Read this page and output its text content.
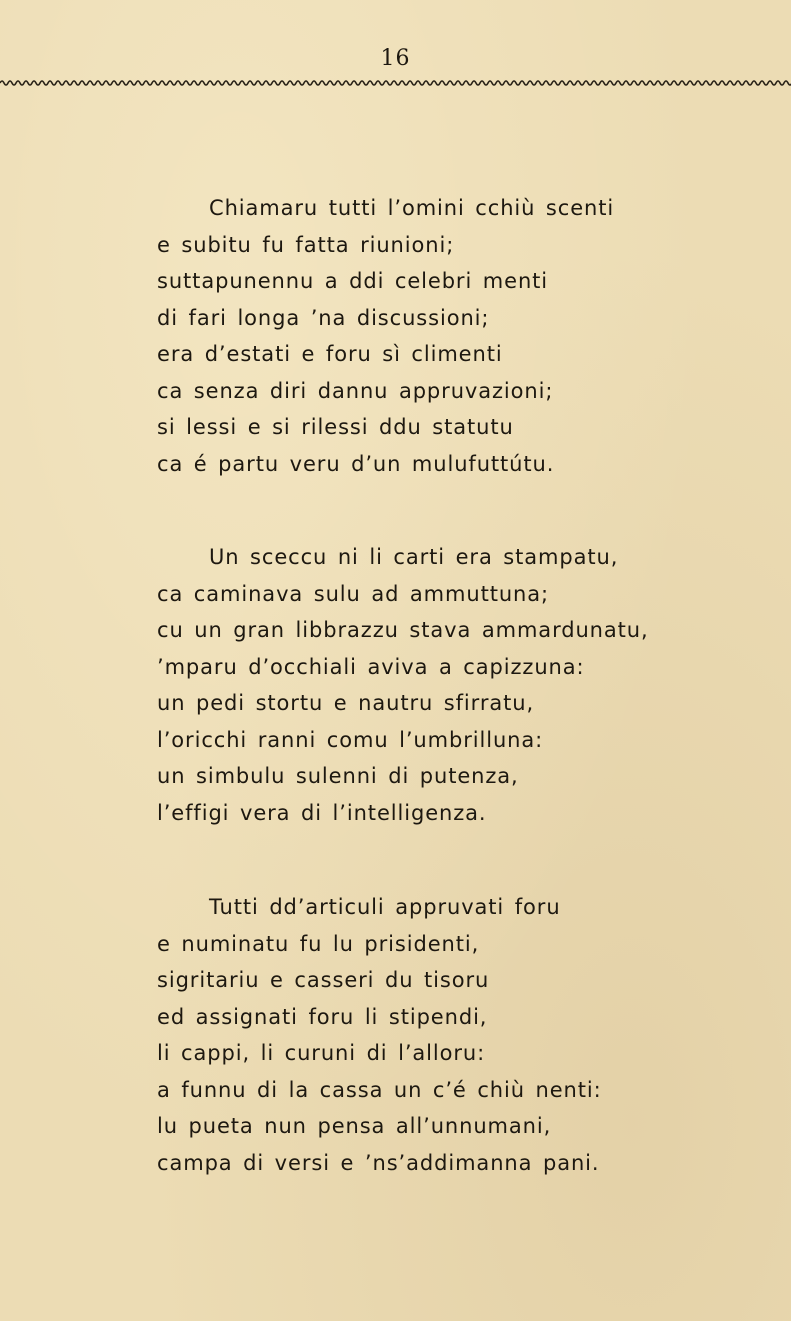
16
Chiamaru tutti l’omini cchiù scenti
e subitu fu fatta riunioni;
suttapunennu a ddi celebri menti
di fari longa ’na discussioni;
era d’estati e foru sì climenti
ca senza diri dannu appruvazioni;
si lessi e si rilessi ddu statutu
ca é partu veru d’un mulufuttútu.
Un sceccu ni li carti era stampatu,
ca caminava sulu ad ammuttuna;
cu un gran libbrazzu stava ammardunatu,
’mparu d’occhiali aviva a capizzuna:
un pedi stortu e nautru sfirratu,
l’oricchi ranni comu l’umbrilluna:
un simbulu sulenni di putenza,
l’effigi vera di l’intelligenza.
Tutti dd’articuli appruvati foru
e numinatu fu lu prisidenti,
sigritariu e casseri du tisoru
ed assignati foru li stipendi,
li cappi, li curuni di l’alloru:
a funnu di la cassa un c’é chiù nenti:
lu pueta nun pensa all’unnumani,
campa di versi e ’ns’addimanna pani.
